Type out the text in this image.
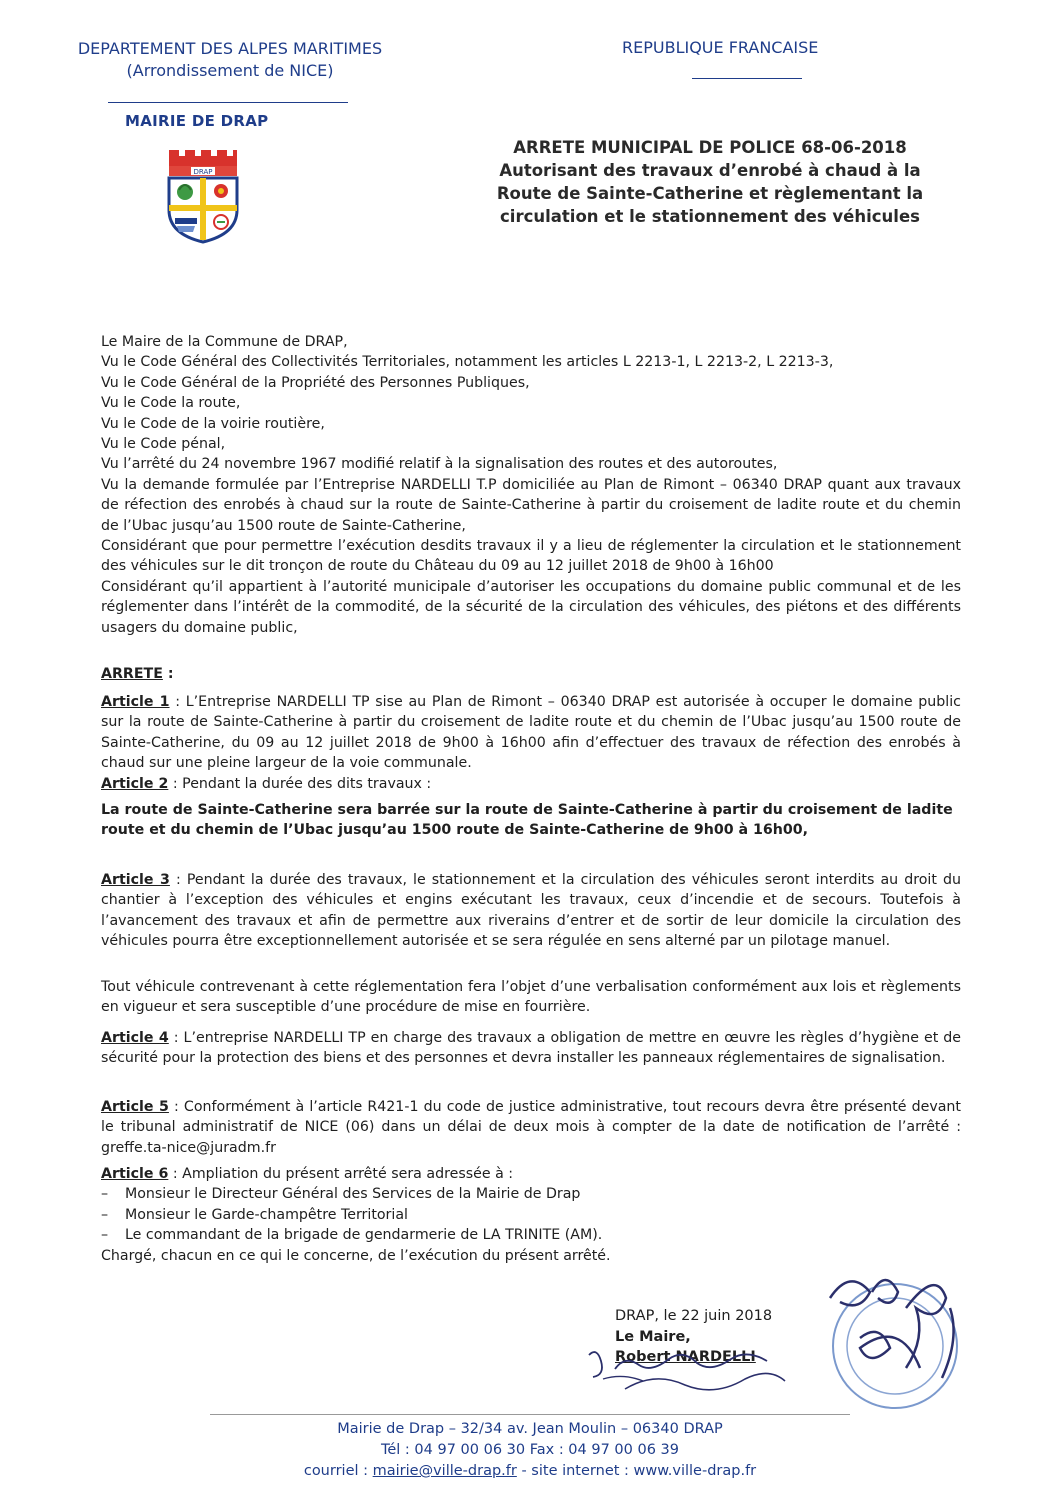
DEPARTEMENT DES ALPES MARITIMES
(Arrondissement de NICE)
MAIRIE DE DRAP
REPUBLIQUE FRANCAISE
DRAP
ARRETE MUNICIPAL DE POLICE 68-06-2018
Autorisant des travaux d’enrobé à chaud à la
Route de Sainte-Catherine et règlementant la
circulation et le stationnement des véhicules

Le Maire de la Commune de DRAP,

Vu le Code Général des Collectivités Territoriales, notamment les articles L 2213-1, L 2213-2, L 2213-3,

Vu le Code Général de la Propriété des Personnes Publiques,

Vu le Code la route,

Vu le Code de la voirie routière,

Vu le Code pénal,

Vu l’arrêté du 24 novembre 1967 modifié relatif à la signalisation des routes et des autoroutes,

Vu la demande formulée par l’Entreprise NARDELLI T.P domiciliée au Plan de Rimont – 06340 DRAP quant aux travaux de réfection des enrobés à chaud sur la route de Sainte-Catherine à partir du croisement de ladite route et du chemin de l’Ubac jusqu’au 1500 route de Sainte-Catherine,

Considérant que pour permettre l’exécution desdits travaux il y a lieu de réglementer la circulation et le stationnement des véhicules sur le dit tronçon de route du Château du 09 au 12 juillet 2018 de 9h00 à 16h00

Considérant qu’il appartient à l’autorité municipale d’autoriser les occupations du domaine public communal et de les réglementer dans l’intérêt de la commodité, de la sécurité de la circulation des véhicules, des piétons et des différents usagers du domaine public,

ARRETE :

Article 1 : L’Entreprise NARDELLI TP sise au Plan de Rimont – 06340 DRAP est autorisée à occuper le domaine public sur la route de Sainte-Catherine à partir du croisement de ladite route et du chemin de l’Ubac jusqu’au 1500 route de Sainte-Catherine, du 09 au 12 juillet 2018 de 9h00 à 16h00 afin d’effectuer des travaux de réfection des enrobés à chaud sur une pleine largeur de la voie communale.

Article 2 : Pendant la durée des dits travaux :

La route de Sainte-Catherine sera barrée sur la route de Sainte-Catherine à partir du croisement de ladite route et du chemin de l’Ubac jusqu’au 1500 route de Sainte-Catherine de 9h00 à 16h00,

Article 3 : Pendant la durée des travaux, le stationnement et la circulation des véhicules seront interdits au droit du chantier à l’exception des véhicules et engins exécutant les travaux, ceux d’incendie et de secours. Toutefois à l’avancement des travaux et afin de permettre aux riverains d’entrer et de sortir de leur domicile la circulation des véhicules pourra être exceptionnellement autorisée et se sera régulée en sens alterné par un pilotage manuel.

Tout véhicule contrevenant à cette réglementation fera l’objet d’une verbalisation conformément aux lois et règlements en vigueur et sera susceptible d’une procédure de mise en fourrière.

Article 4 : L’entreprise NARDELLI TP en charge des travaux a obligation de mettre en œuvre les règles d’hygiène et de sécurité pour la protection des biens et des personnes et devra installer les panneaux réglementaires de signalisation.

Article 5 : Conformément à l’article R421-1 du code de justice administrative, tout recours devra être présenté devant le tribunal administratif de NICE (06) dans un délai de deux mois à compter de la date de notification de l’arrêté : greffe.ta-nice@juradm.fr

Article 6 : Ampliation du présent arrêté sera adressée à :

– Monsieur le Directeur Général des Services de la Mairie de Drap
– Monsieur le Garde-champêtre Territorial
– Le commandant de la brigade de gendarmerie de LA TRINITE (AM).

Chargé, chacun en ce qui le concerne, de l’exécution du présent arrêté.

DRAP, le 22 juin 2018
Le Maire,
Robert NARDELLI
Mairie de Drap – 32/34 av. Jean Moulin – 06340 DRAP
Tél : 04 97 00 06 30 Fax : 04 97 00 06 39
courriel : mairie@ville-drap.fr - site internet : www.ville-drap.fr
